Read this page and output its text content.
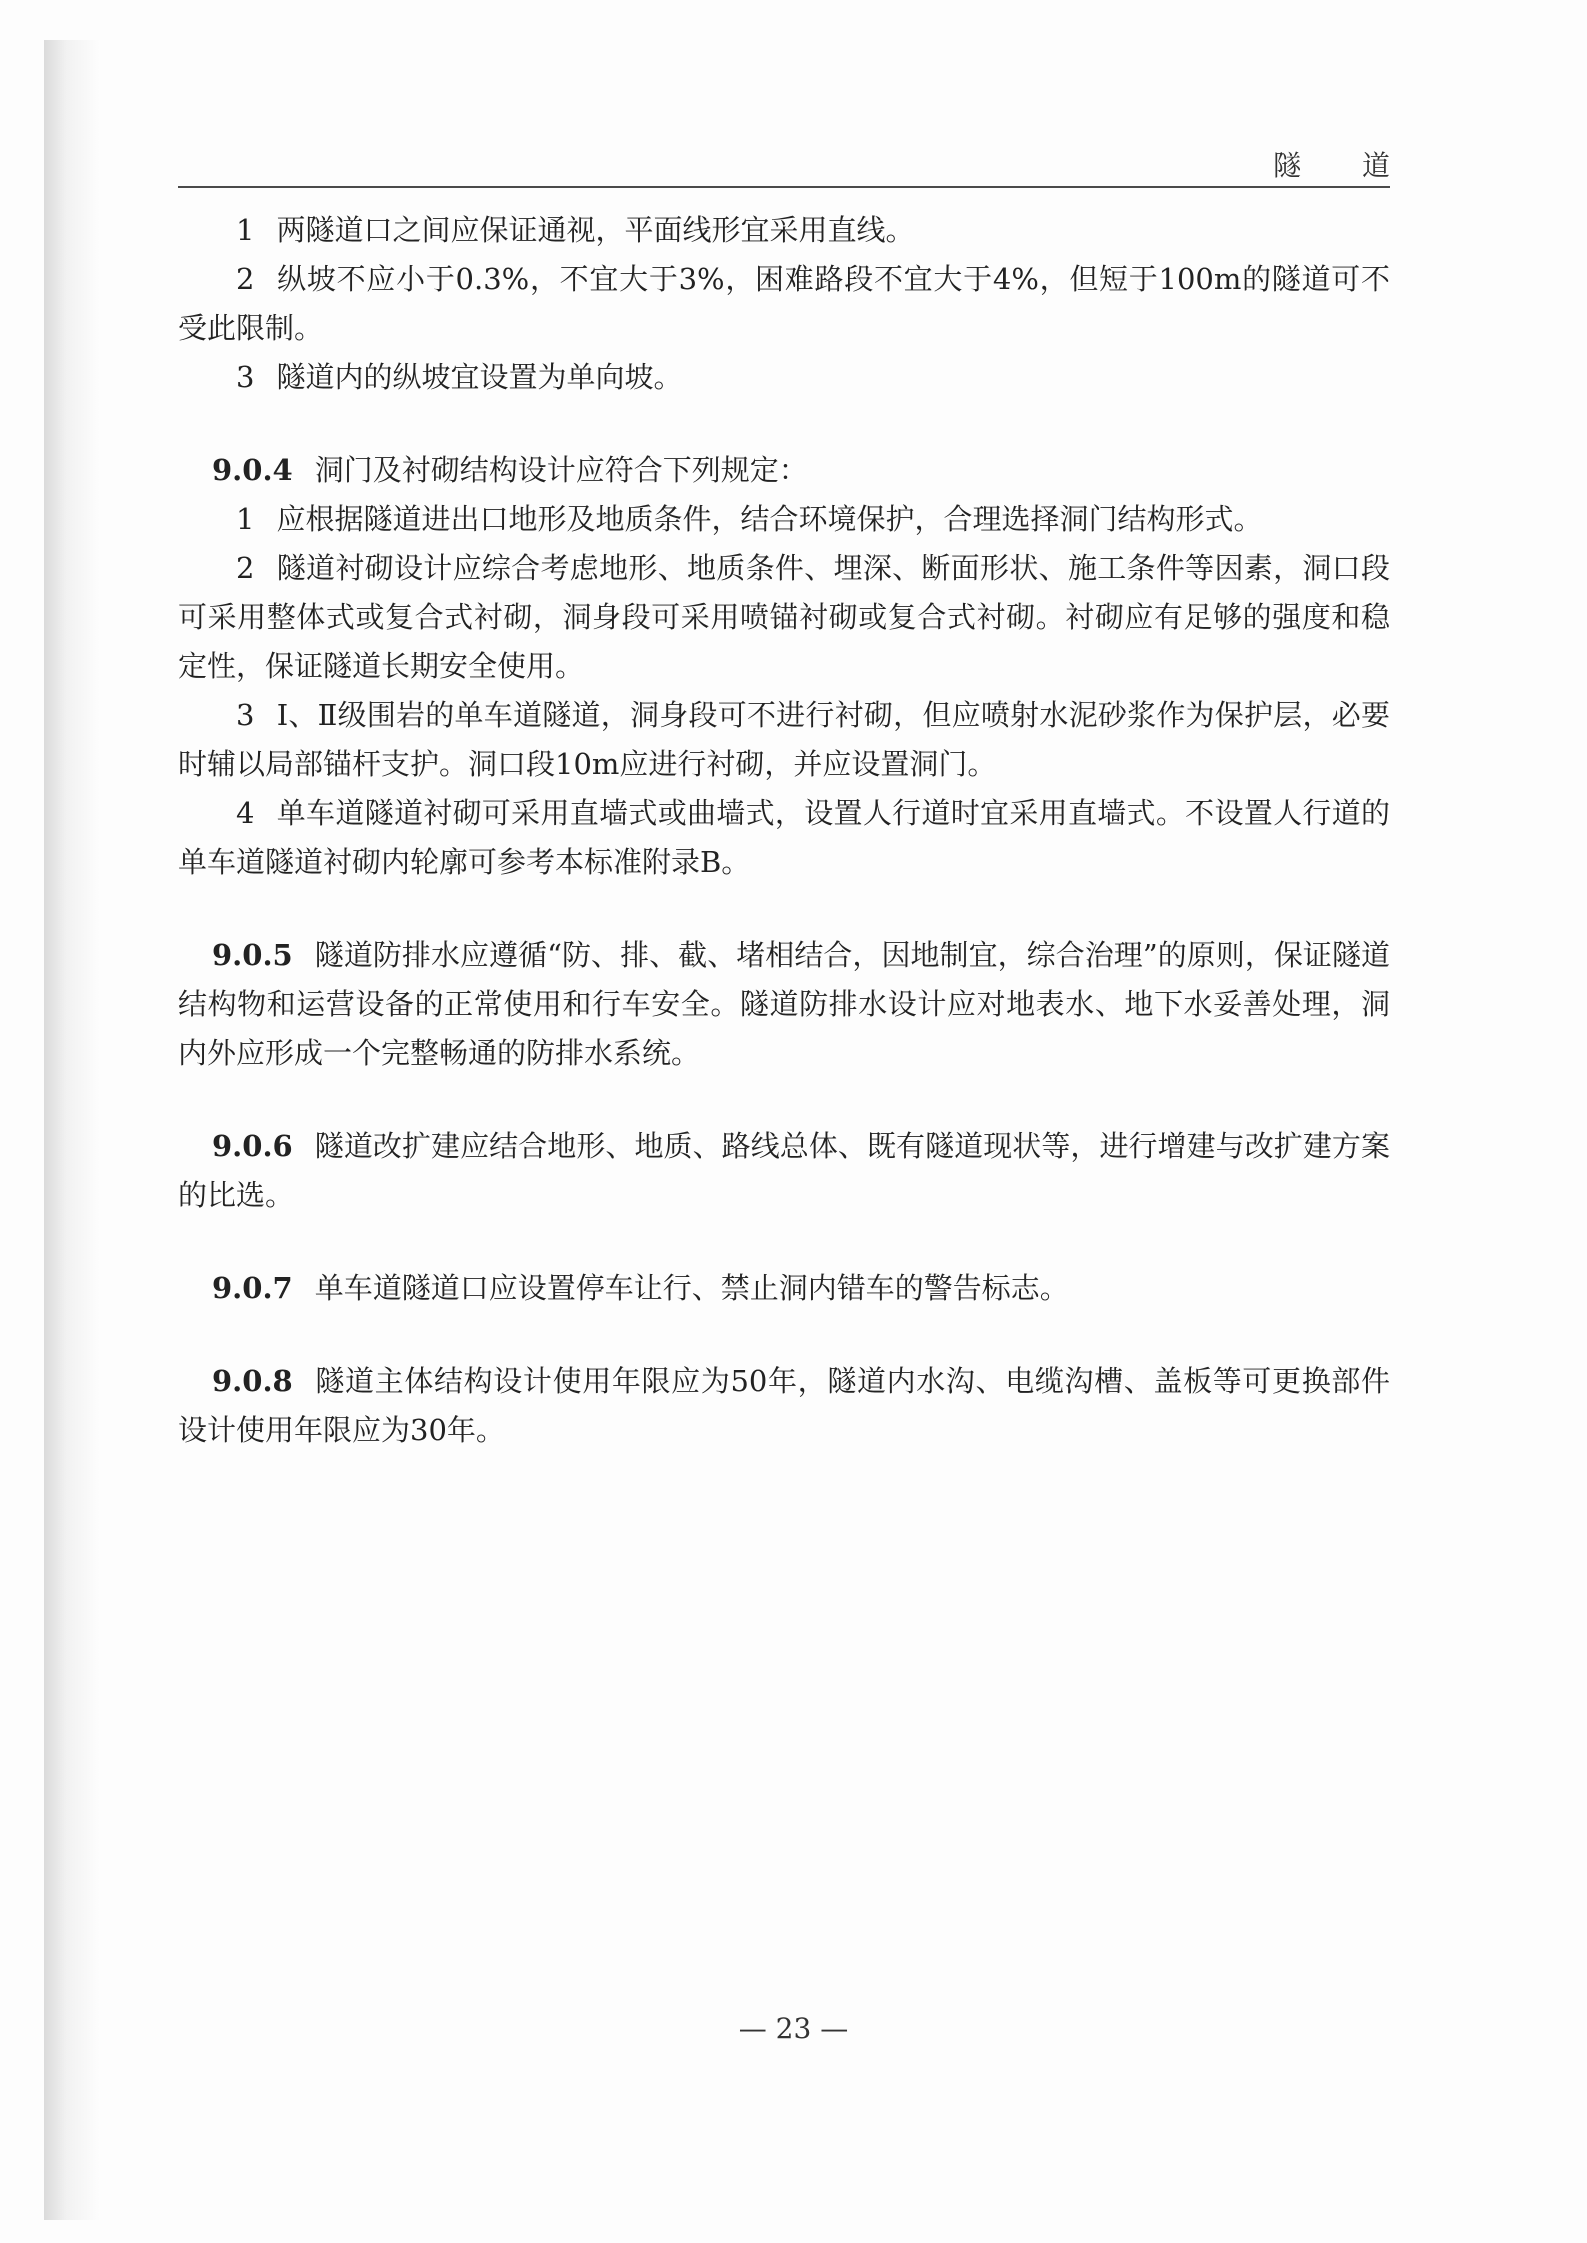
隧 道

1 两隧道口之间应保证通视，平面线形宜采用直线。

2 纵坡不应小于0.3%，不宜大于3%，困难路段不宜大于4%，但短于100m的隧道可不受此限制。

3 隧道内的纵坡宜设置为单向坡。

9.0.4 洞门及衬砌结构设计应符合下列规定：

1 应根据隧道进出口地形及地质条件，结合环境保护，合理选择洞门结构形式。

2 隧道衬砌设计应综合考虑地形、地质条件、埋深、断面形状、施工条件等因素，洞口段可采用整体式或复合式衬砌，洞身段可采用喷锚衬砌或复合式衬砌。衬砌应有足够的强度和稳定性，保证隧道长期安全使用。

3 Ⅰ、Ⅱ级围岩的单车道隧道，洞身段可不进行衬砌，但应喷射水泥砂浆作为保护层，必要时辅以局部锚杆支护。洞口段10m应进行衬砌，并应设置洞门。

4 单车道隧道衬砌可采用直墙式或曲墙式，设置人行道时宜采用直墙式。不设置人行道的单车道隧道衬砌内轮廓可参考本标准附录B。

9.0.5 隧道防排水应遵循“防、排、截、堵相结合，因地制宜，综合治理”的原则，保证隧道结构物和运营设备的正常使用和行车安全。隧道防排水设计应对地表水、地下水妥善处理，洞内外应形成一个完整畅通的防排水系统。

9.0.6 隧道改扩建应结合地形、地质、路线总体、既有隧道现状等，进行增建与改扩建方案的比选。

9.0.7 单车道隧道口应设置停车让行、禁止洞内错车的警告标志。

9.0.8 隧道主体结构设计使用年限应为50年，隧道内水沟、电缆沟槽、盖板等可更换部件设计使用年限应为30年。

— 23 —
